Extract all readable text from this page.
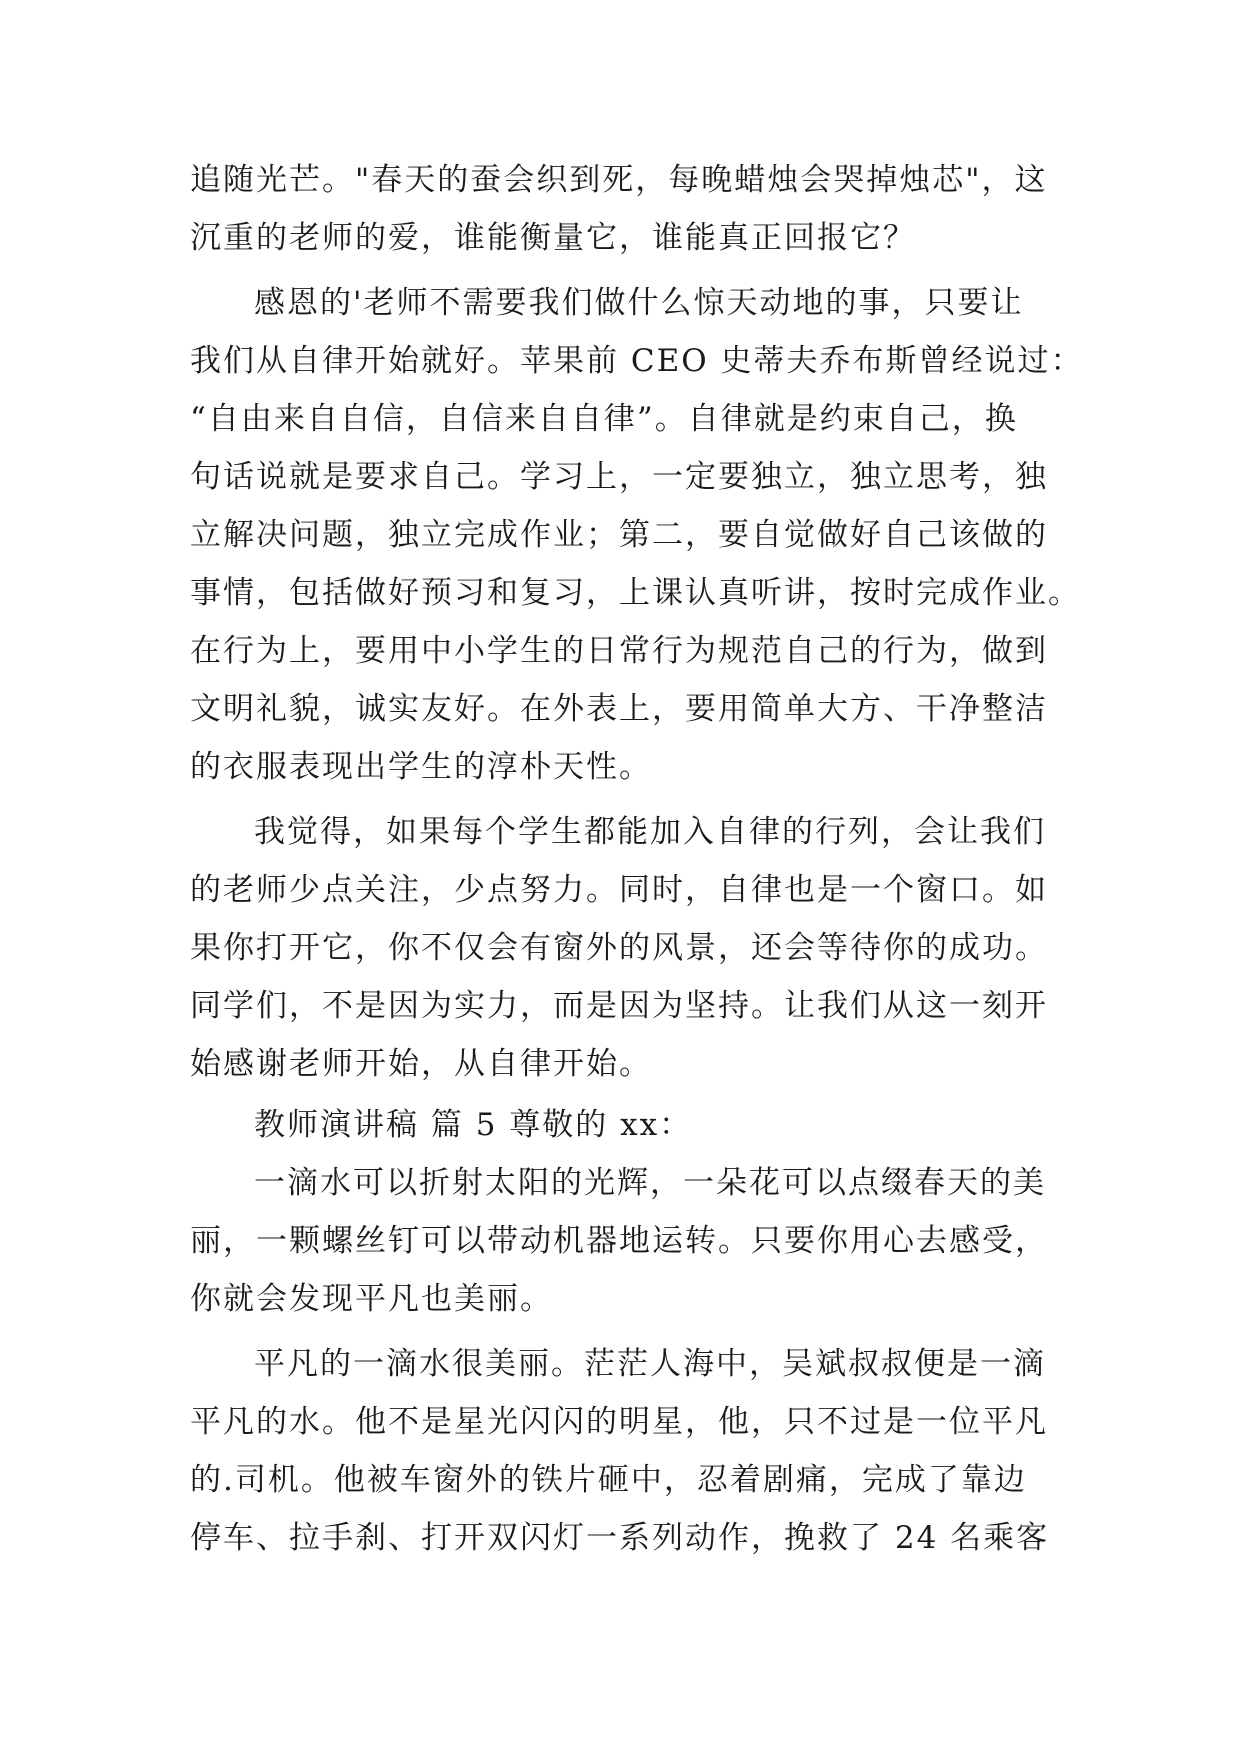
追随光芒。"春天的蚕会织到死，每晚蜡烛会哭掉烛芯"，这
沉重的老师的爱，谁能衡量它，谁能真正回报它？
感恩的'老师不需要我们做什么惊天动地的事，只要让
我们从自律开始就好。苹果前 CEO 史蒂夫乔布斯曾经说过：
“自由来自自信，自信来自自律”。自律就是约束自己，换
句话说就是要求自己。学习上，一定要独立，独立思考，独
立解决问题，独立完成作业；第二，要自觉做好自己该做的
事情，包括做好预习和复习，上课认真听讲，按时完成作业。
在行为上，要用中小学生的日常行为规范自己的行为，做到
文明礼貌，诚实友好。在外表上，要用简单大方、干净整洁
的衣服表现出学生的淳朴天性。
我觉得，如果每个学生都能加入自律的行列，会让我们
的老师少点关注，少点努力。同时，自律也是一个窗口。如
果你打开它，你不仅会有窗外的风景，还会等待你的成功。
同学们，不是因为实力，而是因为坚持。让我们从这一刻开
始感谢老师开始，从自律开始。
教师演讲稿 篇 5 尊敬的 xx：
一滴水可以折射太阳的光辉，一朵花可以点缀春天的美
丽，一颗螺丝钉可以带动机器地运转。只要你用心去感受，
你就会发现平凡也美丽。
平凡的一滴水很美丽。茫茫人海中，吴斌叔叔便是一滴
平凡的水。他不是星光闪闪的明星，他，只不过是一位平凡
的.司机。他被车窗外的铁片砸中，忍着剧痛，完成了靠边
停车、拉手刹、打开双闪灯一系列动作，挽救了 24 名乘客
